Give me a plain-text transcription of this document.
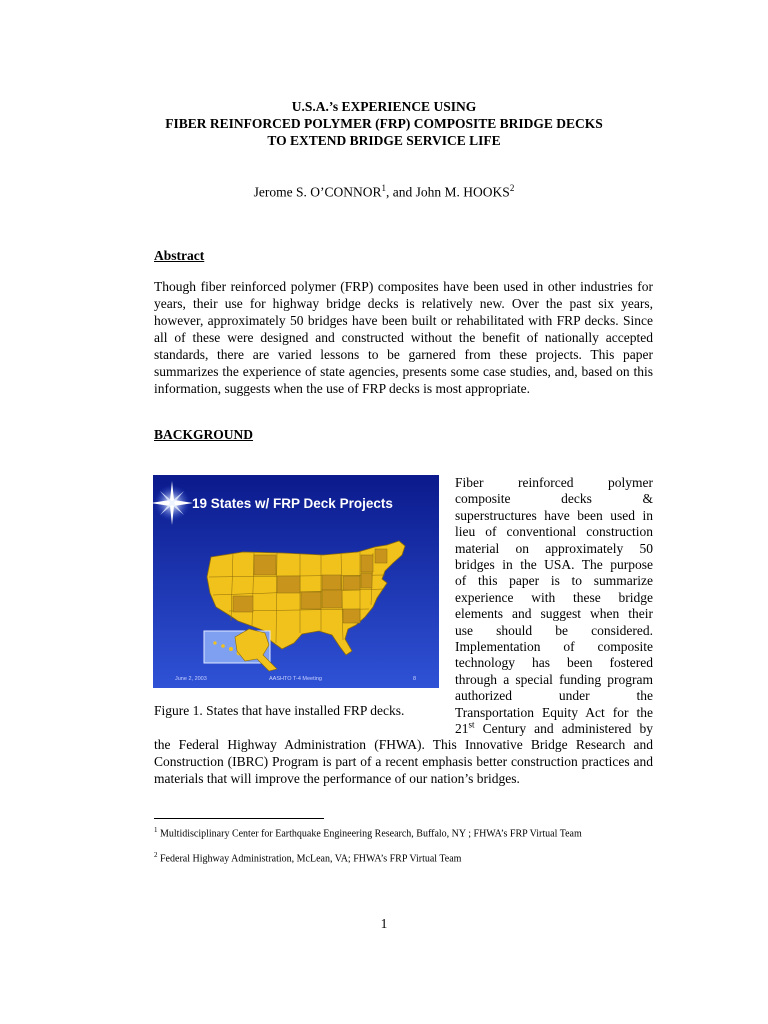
U.S.A.’s EXPERIENCE USING
FIBER REINFORCED POLYMER (FRP) COMPOSITE BRIDGE DECKS
TO EXTEND BRIDGE SERVICE LIFE
Jerome S. O’CONNOR$^1$, and John M. HOOKS$^2$
Abstract
Though fiber reinforced polymer (FRP) composites have been used in other industries for years, their use for highway bridge decks is relatively new. Over the past six years, however, approximately 50 bridges have been built or rehabilitated with FRP decks. Since all of these were designed and constructed without the benefit of nationally accepted standards, there are varied lessons to be garnered from these projects. This paper summarizes the experience of state agencies, presents some case studies, and, based on this information, suggests when the use of FRP decks is most appropriate.
BACKGROUND
19 States w/ FRP Deck Projects
June 2, 2003	AASHTO T-4 Meeting	8
Figure 1. States that have installed FRP decks.
Fiber reinforced polymer
composite decks &
superstructures have been used in
lieu of conventional construction
material on approximately 50
bridges in the USA. The purpose
of this paper is to summarize
experience with these bridge
elements and suggest when their
use should be considered.
Implementation of composite
technology has been fostered
through a special funding program
authorized under the
Transportation Equity Act for the
21st Century and administered by
the Federal Highway Administration (FHWA). This Innovative Bridge Research and Construction (IBRC) Program is part of a recent emphasis better construction practices and materials that will improve the performance of our nation’s bridges.
$^1$ Multidisciplinary Center for Earthquake Engineering Research, Buffalo, NY ; FHWA’s FRP Virtual Team
$^2$ Federal Highway Administration, McLean, VA; FHWA’s FRP Virtual Team
1
